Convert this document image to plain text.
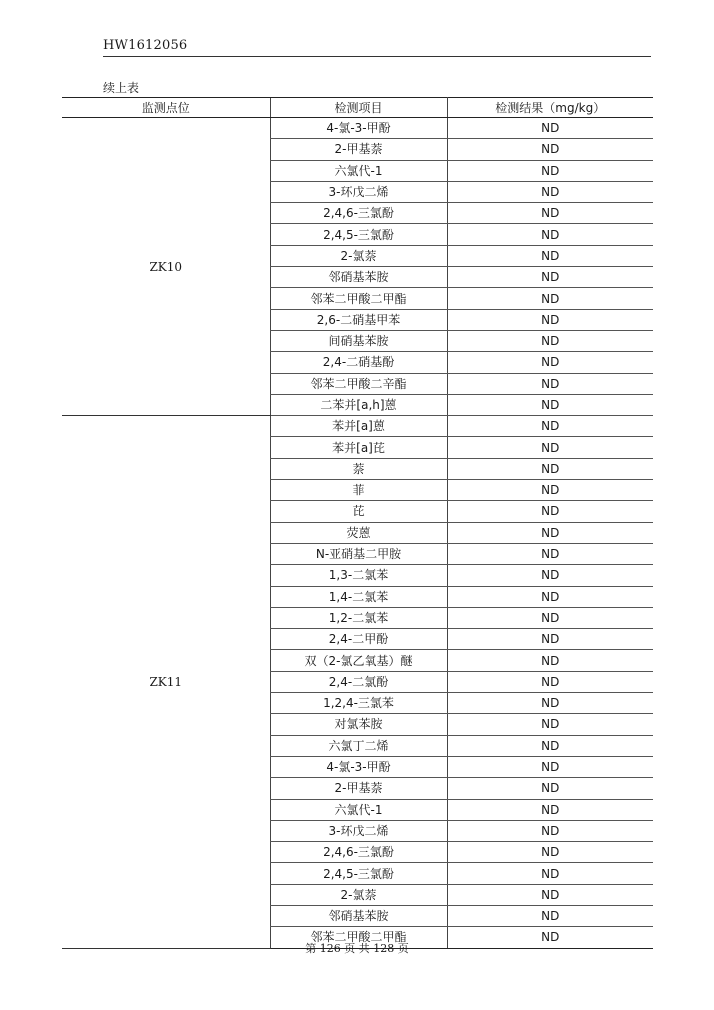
HW1612056
续上表
监测点位	检测项目	检测结果（mg/kg）
ZK10	4-氯-3-甲酚	ND
	2-甲基萘	ND
	六氯代-1	ND
	3-环戊二烯	ND
	2,4,6-三氯酚	ND
	2,4,5-三氯酚	ND
	2-氯萘	ND
	邻硝基苯胺	ND
	邻苯二甲酸二甲酯	ND
	2,6-二硝基甲苯	ND
	间硝基苯胺	ND
	2,4-二硝基酚	ND
	邻苯二甲酸二辛酯	ND
	二苯并[a,h]蒽	ND
ZK11	苯并[a]蒽	ND
	苯并[a]芘	ND
	萘	ND
	菲	ND
	芘	ND
	荧蒽	ND
	N-亚硝基二甲胺	ND
	1,3-二氯苯	ND
	1,4-二氯苯	ND
	1,2-二氯苯	ND
	2,4-二甲酚	ND
	双（2-氯乙氧基）醚	ND
	2,4-二氯酚	ND
	1,2,4-三氯苯	ND
	对氯苯胺	ND
	六氯丁二烯	ND
	4-氯-3-甲酚	ND
	2-甲基萘	ND
	六氯代-1	ND
	3-环戊二烯	ND
	2,4,6-三氯酚	ND
	2,4,5-三氯酚	ND
	2-氯萘	ND
	邻硝基苯胺	ND
	邻苯二甲酸二甲酯	ND
第 126 页 共 128 页
